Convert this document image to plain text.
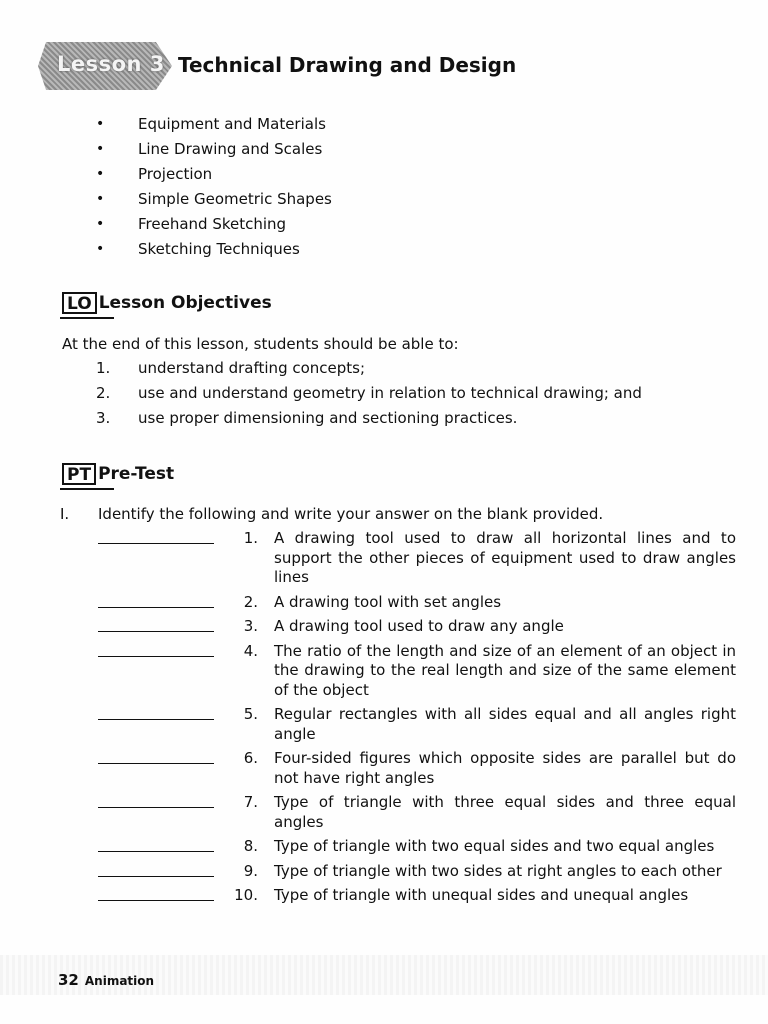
Lesson 3 Technical Drawing and Design
•	Equipment and Materials
•	Line Drawing and Scales
•	Projection
•	Simple Geometric Shapes
•	Freehand Sketching
•	Sketching Techniques
LO Lesson Objectives
At the end of this lesson, students should be able to:
1.	understand drafting concepts;
2.	use and understand geometry in relation to technical drawing; and
3.	use proper dimensioning and sectioning practices.
PT Pre-Test
I.	Identify the following and write your answer on the blank provided.
1.	A drawing tool used to draw all horizontal lines and to support the other pieces of equipment used to draw angles lines
2.	A drawing tool with set angles
3.	A drawing tool used to draw any angle
4.	The ratio of the length and size of an element of an object in the drawing to the real length and size of the same element of the object
5.	Regular rectangles with all sides equal and all angles right angle
6.	Four-sided figures which opposite sides are parallel but do not have right angles
7.	Type of triangle with three equal sides and three equal angles
8.	Type of triangle with two equal sides and two equal angles
9.	Type of triangle with two sides at right angles to each other
10.	Type of triangle with unequal sides and unequal angles
32 Animation
